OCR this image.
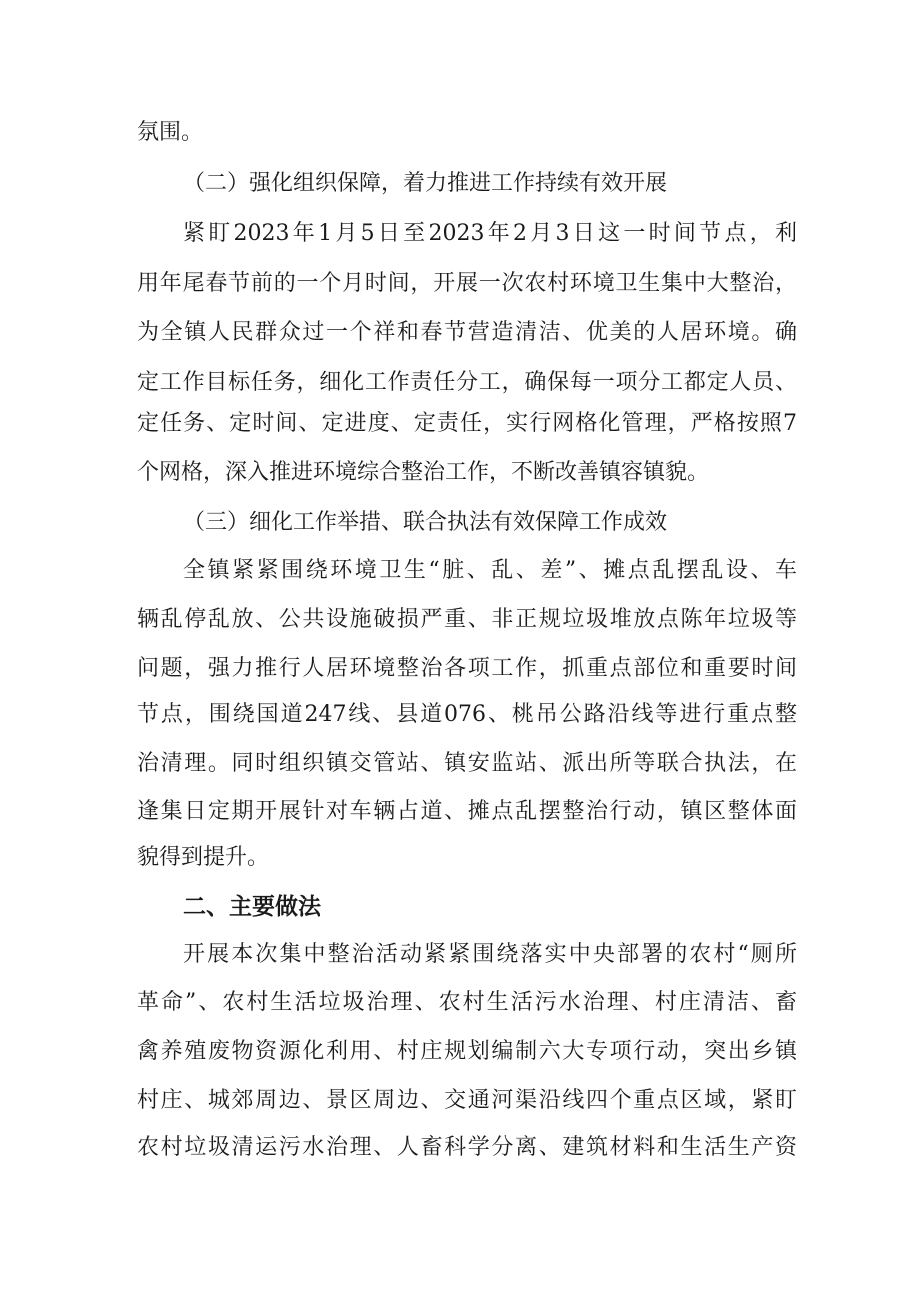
氛围。
（二）强化组织保障，着力推进工作持续有效开展
紧盯2023年1月5日至2023年2月3日这一时间节点，利
用年尾春节前的一个月时间，开展一次农村环境卫生集中大整治，
为全镇人民群众过一个祥和春节营造清洁、优美的人居环境。确
定工作目标任务，细化工作责任分工，确保每一项分工都定人员、
定任务、定时间、定进度、定责任，实行网格化管理，严格按照7
个网格，深入推进环境综合整治工作，不断改善镇容镇貌。
（三）细化工作举措、联合执法有效保障工作成效
全镇紧紧围绕环境卫生“脏、乱、差”、摊点乱摆乱设、车
辆乱停乱放、公共设施破损严重、非正规垃圾堆放点陈年垃圾等
问题，强力推行人居环境整治各项工作，抓重点部位和重要时间
节点，围绕国道247线、县道076、桃吊公路沿线等进行重点整
治清理。同时组织镇交管站、镇安监站、派出所等联合执法，在
逢集日定期开展针对车辆占道、摊点乱摆整治行动，镇区整体面
貌得到提升。
二、主要做法
开展本次集中整治活动紧紧围绕落实中央部署的农村“厕所
革命”、农村生活垃圾治理、农村生活污水治理、村庄清洁、畜
禽养殖废物资源化利用、村庄规划编制六大专项行动，突出乡镇
村庄、城郊周边、景区周边、交通河渠沿线四个重点区域，紧盯
农村垃圾清运污水治理、人畜科学分离、建筑材料和生活生产资
